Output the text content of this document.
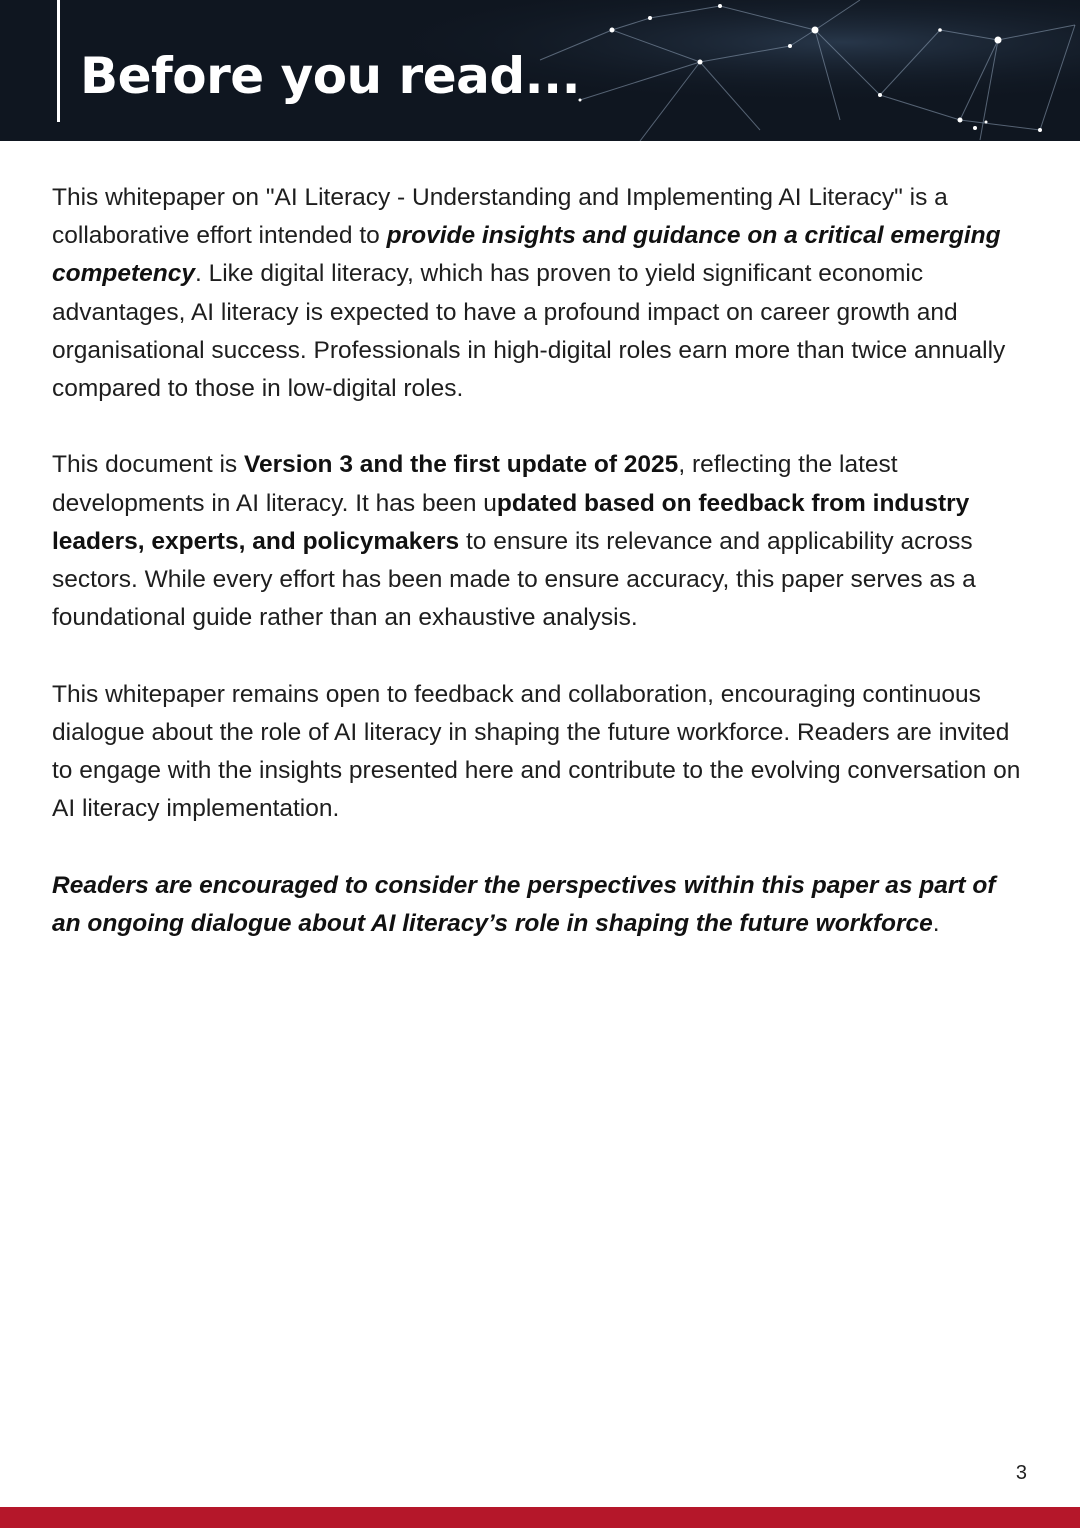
Before you read...

This whitepaper on "AI Literacy - Understanding and Implementing AI Literacy" is a collaborative effort intended to provide insights and guidance on a critical emerging competency. Like digital literacy, which has proven to yield significant economic advantages, AI literacy is expected to have a profound impact on career growth and organisational success. Professionals in high-digital roles earn more than twice annually compared to those in low-digital roles.

This document is Version 3 and the first update of 2025, reflecting the latest developments in AI literacy. It has been updated based on feedback from industry leaders, experts, and policymakers to ensure its relevance and applicability across sectors. While every effort has been made to ensure accuracy, this paper serves as a foundational guide rather than an exhaustive analysis.

This whitepaper remains open to feedback and collaboration, encouraging continuous dialogue about the role of AI literacy in shaping the future workforce. Readers are invited to engage with the insights presented here and contribute to the evolving conversation on AI literacy implementation.

Readers are encouraged to consider the perspectives within this paper as part of an ongoing dialogue about AI literacy’s role in shaping the future workforce.

3
